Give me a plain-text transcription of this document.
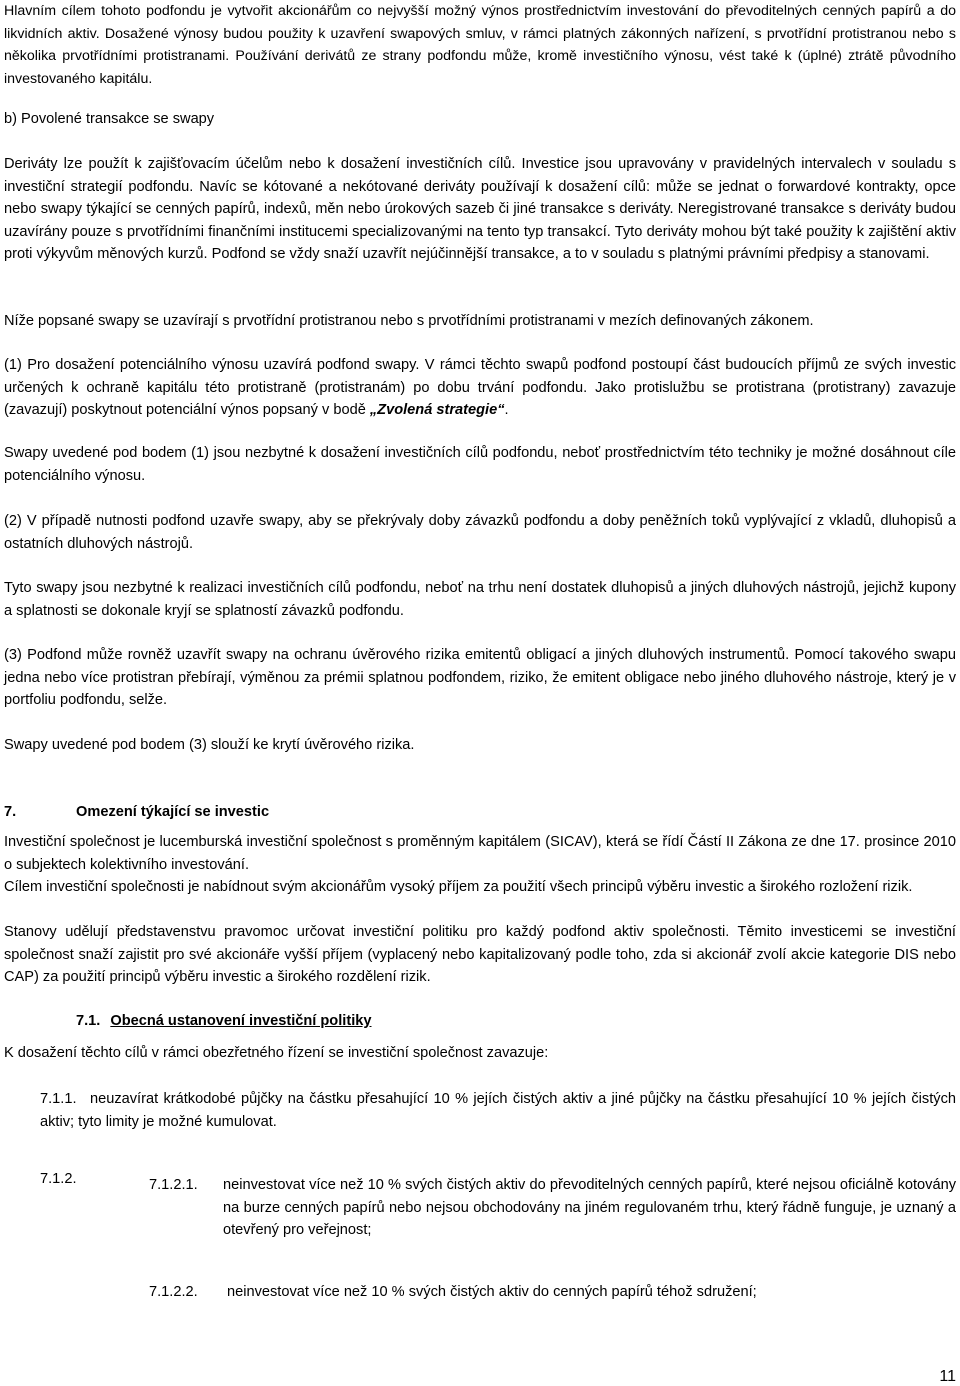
Hlavním cílem tohoto podfondu je vytvořit akcionářům co nejvyšší možný výnos prostřednictvím investování do převoditelných cenných papírů a do likvidních aktiv. Dosažené výnosy budou použity k uzavření swapových smluv, v rámci platných zákonných nařízení, s prvotřídní protistranou nebo s několika prvotřídními protistranami. Používání derivátů ze strany podfondu může, kromě investičního výnosu, vést také k (úplné) ztrátě původního investovaného kapitálu.

b) Povolené transakce se swapy

Deriváty lze použít k zajišťovacím účelům nebo k dosažení investičních cílů. Investice jsou upravovány v pravidelných intervalech v souladu s investiční strategií podfondu. Navíc se kótované a nekótované deriváty používají k dosažení cílů: může se jednat o forwardové kontrakty, opce nebo swapy týkající se cenných papírů, indexů, měn nebo úrokových sazeb či jiné transakce s deriváty. Neregistrované transakce s deriváty budou uzavírány pouze s prvotřídními finančními institucemi specializovanými na tento typ transakcí. Tyto deriváty mohou být také použity k zajištění aktiv proti výkyvům měnových kurzů. Podfond se vždy snaží uzavřít nejúčinnější transakce, a to v souladu s platnými právními předpisy a stanovami.

Níže popsané swapy se uzavírají s prvotřídní protistranou nebo s prvotřídními protistranami v mezích definovaných zákonem.

(1) Pro dosažení potenciálního výnosu uzavírá podfond swapy. V rámci těchto swapů podfond postoupí část budoucích příjmů ze svých investic určených k ochraně kapitálu této protistraně (protistranám) po dobu trvání podfondu. Jako protislužbu se protistrana (protistrany) zavazuje (zavazují) poskytnout potenciální výnos popsaný v bodě „Zvolená strategie“.

Swapy uvedené pod bodem (1) jsou nezbytné k dosažení investičních cílů podfondu, neboť prostřednictvím této techniky je možné dosáhnout cíle potenciálního výnosu.

(2) V případě nutnosti podfond uzavře swapy, aby se překrývaly doby závazků podfondu a doby peněžních toků vyplývající z vkladů, dluhopisů a ostatních dluhových nástrojů.

Tyto swapy jsou nezbytné k realizaci investičních cílů podfondu, neboť na trhu není dostatek dluhopisů a jiných dluhových nástrojů, jejichž kupony a splatnosti se dokonale kryjí se splatností závazků podfondu.

(3) Podfond může rovněž uzavřít swapy na ochranu úvěrového rizika emitentů obligací a jiných dluhových instrumentů. Pomocí takového swapu jedna nebo více protistran přebírají, výměnou za prémii splatnou podfondem, riziko, že emitent obligace nebo jiného dluhového nástroje, který je v portfoliu podfondu, selže.

Swapy uvedené pod bodem (3) slouží ke krytí úvěrového rizika.

7.	Omezení týkající se investic

Investiční společnost je lucemburská investiční společnost s proměnným kapitálem (SICAV), která se řídí Částí II Zákona ze dne 17. prosince 2010 o subjektech kolektivního investování.

Cílem investiční společnosti je nabídnout svým akcionářům vysoký příjem za použití všech principů výběru investic a širokého rozložení rizik.

Stanovy udělují představenstvu pravomoc určovat investiční politiku pro každý podfond aktiv společnosti. Těmito investicemi se investiční společnost snaží zajistit pro své akcionáře vyšší příjem (vyplacený nebo kapitalizovaný podle toho, zda si akcionář zvolí akcie kategorie DIS nebo CAP) za použití principů výběru investic a širokého rozdělení rizik.

7.1. Obecná ustanovení investiční politiky

K dosažení těchto cílů v rámci obezřetného řízení se investiční společnost zavazuje:

7.1.1. neuzavírat krátkodobé půjčky na částku přesahující 10 % jejích čistých aktiv a jiné půjčky na částku přesahující 10 % jejích čistých aktiv; tyto limity je možné kumulovat.

7.1.2.	7.1.2.1. neinvestovat více než 10 % svých čistých aktiv do převoditelných cenných papírů, které nejsou oficiálně kotovány na burze cenných papírů nebo nejsou obchodovány na jiném regulovaném trhu, který řádně funguje, je uznaný a otevřený pro veřejnost;

7.1.2.2. neinvestovat více než 10 % svých čistých aktiv do cenných papírů téhož sdružení;

11
